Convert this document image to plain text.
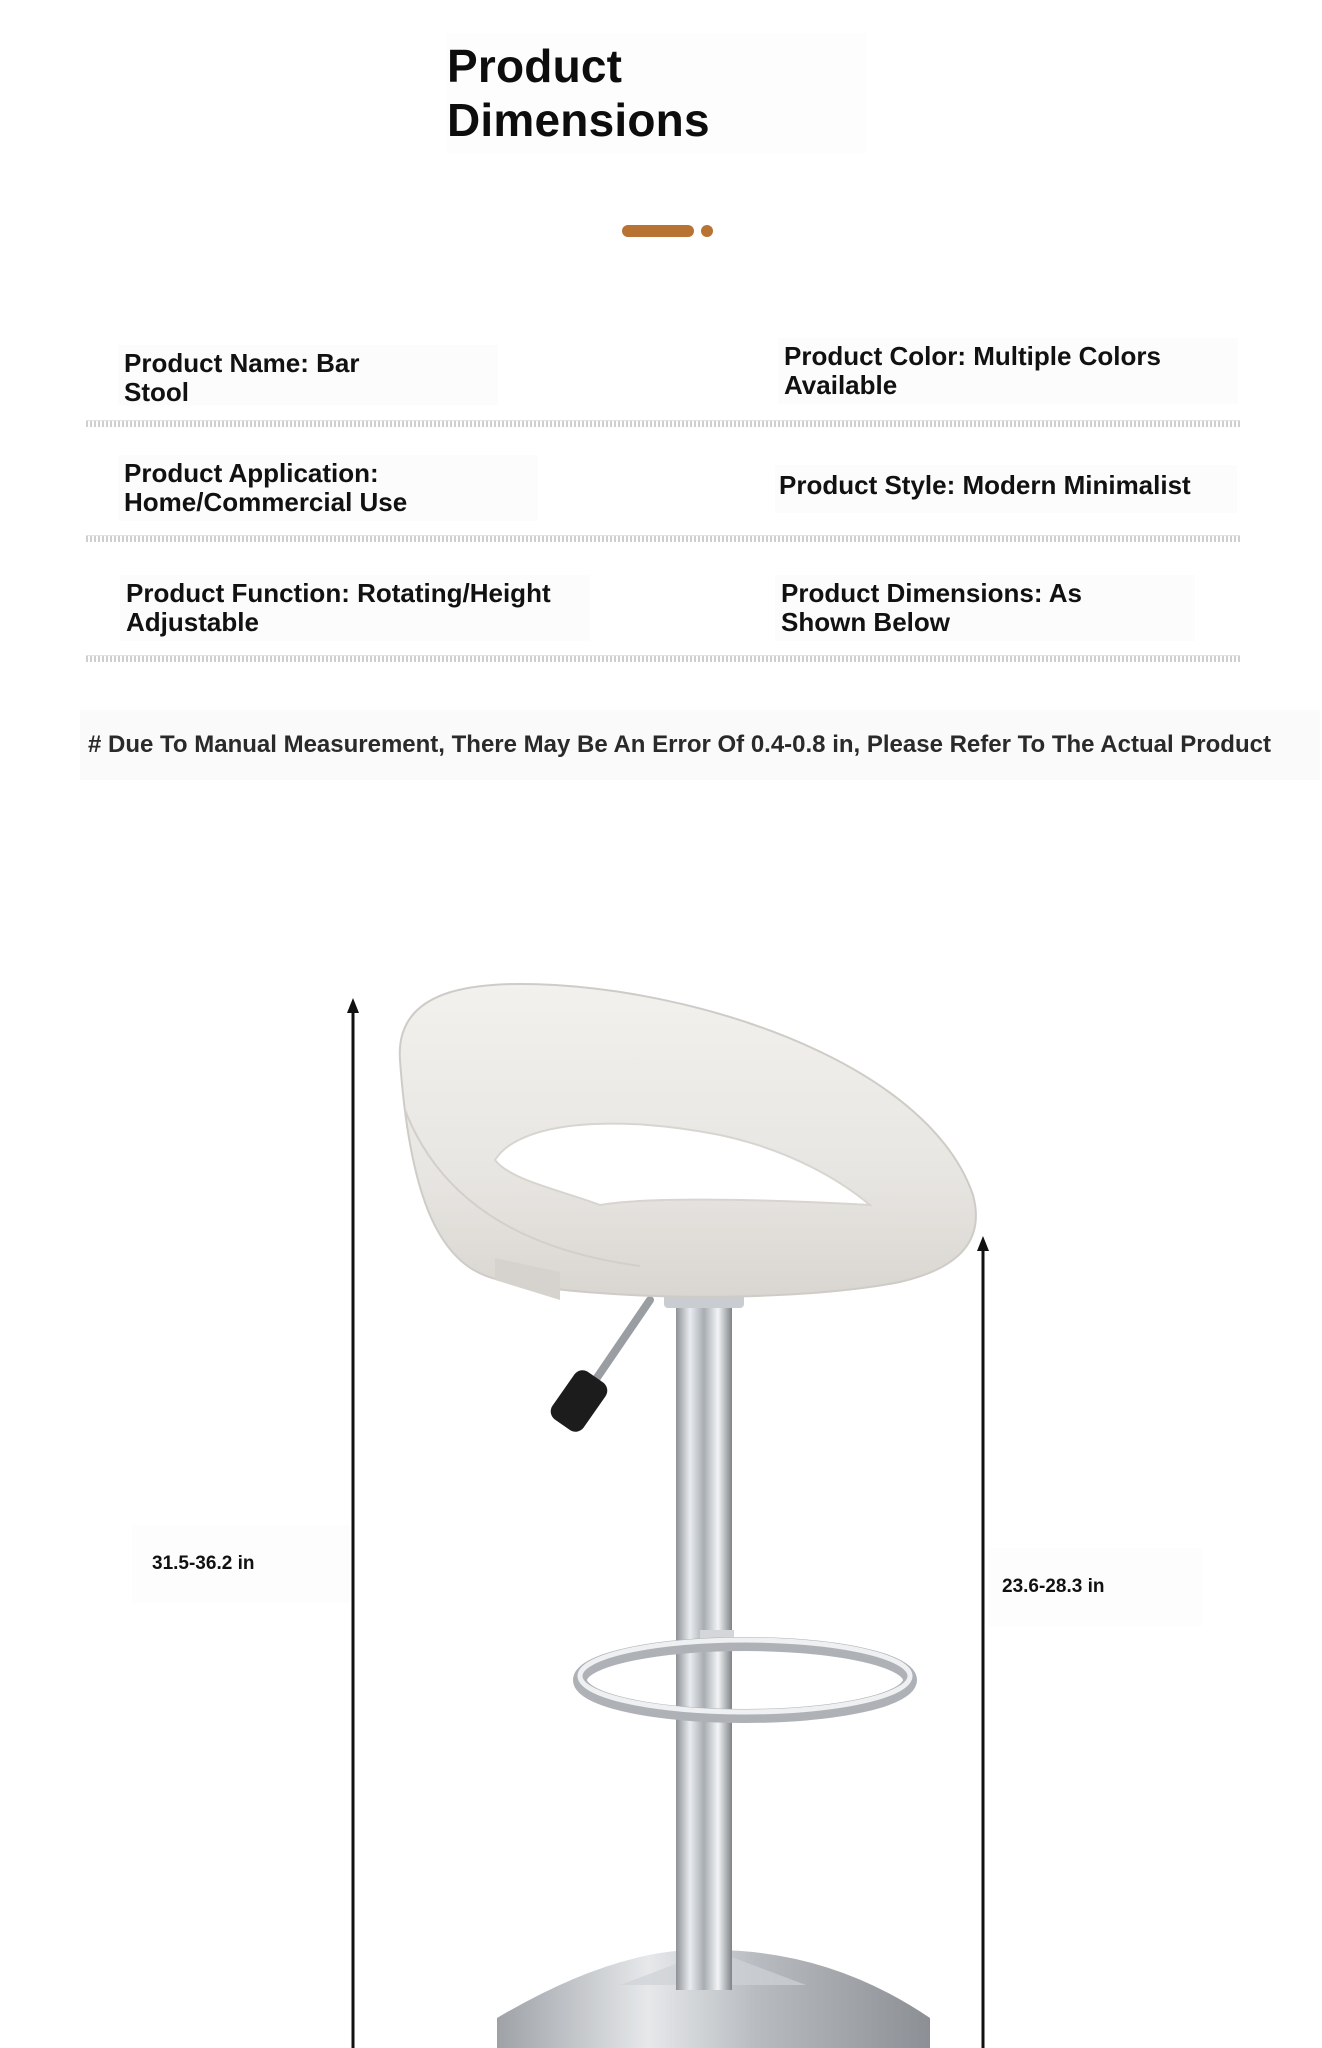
Product Dimensions
Product Name: Bar Stool
Product Color: Multiple Colors Available
Product Application: Home/Commercial Use
Product Style: Modern Minimalist
Product Function: Rotating/Height Adjustable
Product Dimensions: As Shown Below
# Due To Manual Measurement, There May Be An Error Of 0.4-0.8 in, Please Refer To The Actual Product
31.5-36.2 in
23.6-28.3 in
